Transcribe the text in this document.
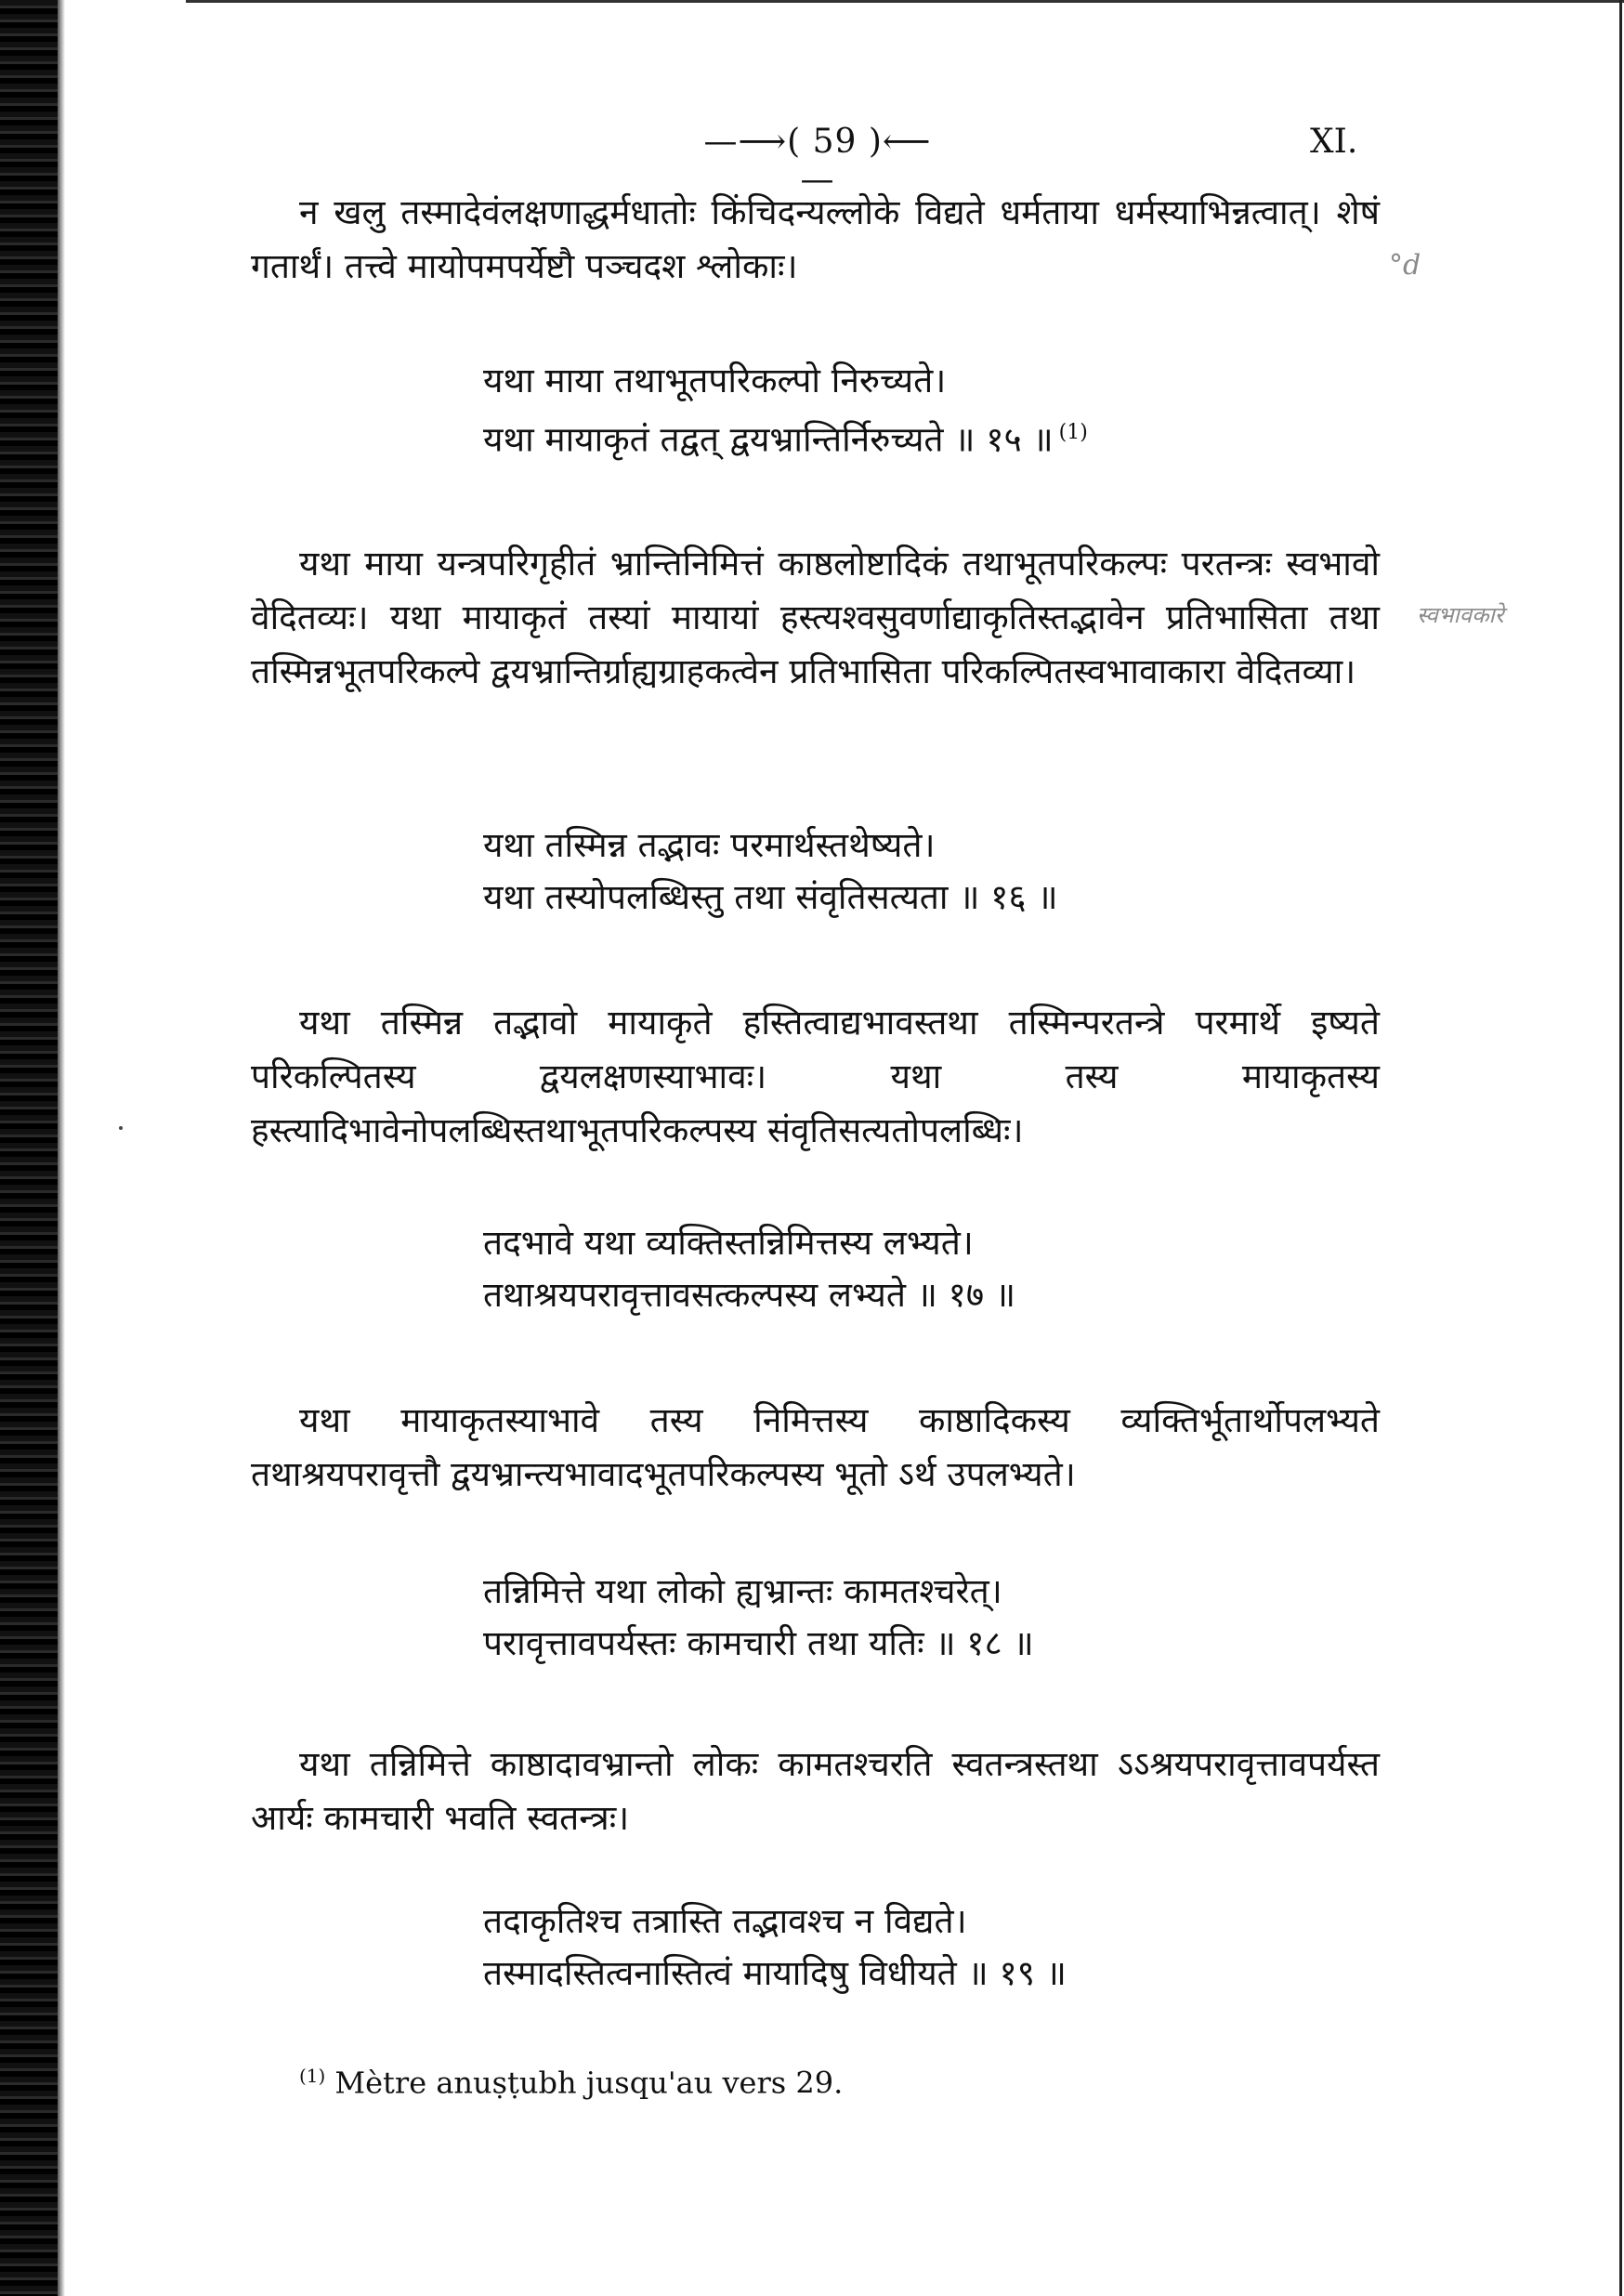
—⟶( 59 )⟵—
XI.
न खलु तस्मादेवंलक्षणाद्धर्मधातोः किंचिदन्यल्लोके विद्यते धर्मताया धर्मस्याभिन्नत्वात्। शेषं गतार्थं। तत्त्वे मायोपमपर्येष्टौ पञ्चदश श्लोकाः।	°d
यथा माया तथाभूतपरिकल्पो निरुच्यते।
यथा मायाकृतं तद्वत् द्वयभ्रान्तिर्निरुच्यते ॥ १५ ॥ $^{(1)}$
यथा माया यन्त्रपरिगृहीतं भ्रान्तिनिमित्तं काष्ठलोष्टादिकं तथाभूतपरिकल्पः परतन्त्रः स्वभावो वेदितव्यः। यथा मायाकृतं तस्यां मायायां हस्त्यश्वसुवर्णाद्याकृतिस्तद्भावेन प्रतिभासिता तथा तस्मिन्नभूतपरिकल्पे द्वयभ्रान्तिर्ग्राह्यग्राहकत्वेन प्रतिभासिता परिकल्पितस्वभावाकारा वेदितव्या।
स्वभावकारे
यथा तस्मिन्न तद्भावः परमार्थस्तथेष्यते।
यथा तस्योपलब्धिस्तु तथा संवृतिसत्यता ॥ १६ ॥
यथा तस्मिन्न तद्भावो मायाकृते हस्तित्वाद्यभावस्तथा तस्मिन्परतन्त्रे परमार्थे इष्यते परिकल्पितस्य द्वयलक्षणस्याभावः। यथा तस्य मायाकृतस्य हस्त्यादिभावेनोपलब्धिस्तथाभूतपरिकल्पस्य संवृतिसत्यतोपलब्धिः।
तदभावे यथा व्यक्तिस्तन्निमित्तस्य लभ्यते।
तथाश्रयपरावृत्तावसत्कल्पस्य लभ्यते ॥ १७ ॥
यथा मायाकृतस्याभावे तस्य निमित्तस्य काष्ठादिकस्य व्यक्तिर्भूतार्थोपलभ्यते तथाश्रयपरावृत्तौ द्वयभ्रान्त्यभावादभूतपरिकल्पस्य भूतो ऽर्थ उपलभ्यते।
तन्निमित्ते यथा लोको ह्यभ्रान्तः कामतश्चरेत्।
परावृत्तावपर्यस्तः कामचारी तथा यतिः ॥ १८ ॥
यथा तन्निमित्ते काष्ठादावभ्रान्तो लोकः कामतश्चरति स्वतन्त्रस्तथा ऽऽश्रयपरावृत्तावपर्यस्त आर्यः कामचारी भवति स्वतन्त्रः।
तदाकृतिश्च तत्रास्ति तद्भावश्च न विद्यते।
तस्मादस्तित्वनास्तित्वं मायादिषु विधीयते ॥ १९ ॥
$^{(1)}$ Mètre anuṣṭubh jusqu'au vers 29.
